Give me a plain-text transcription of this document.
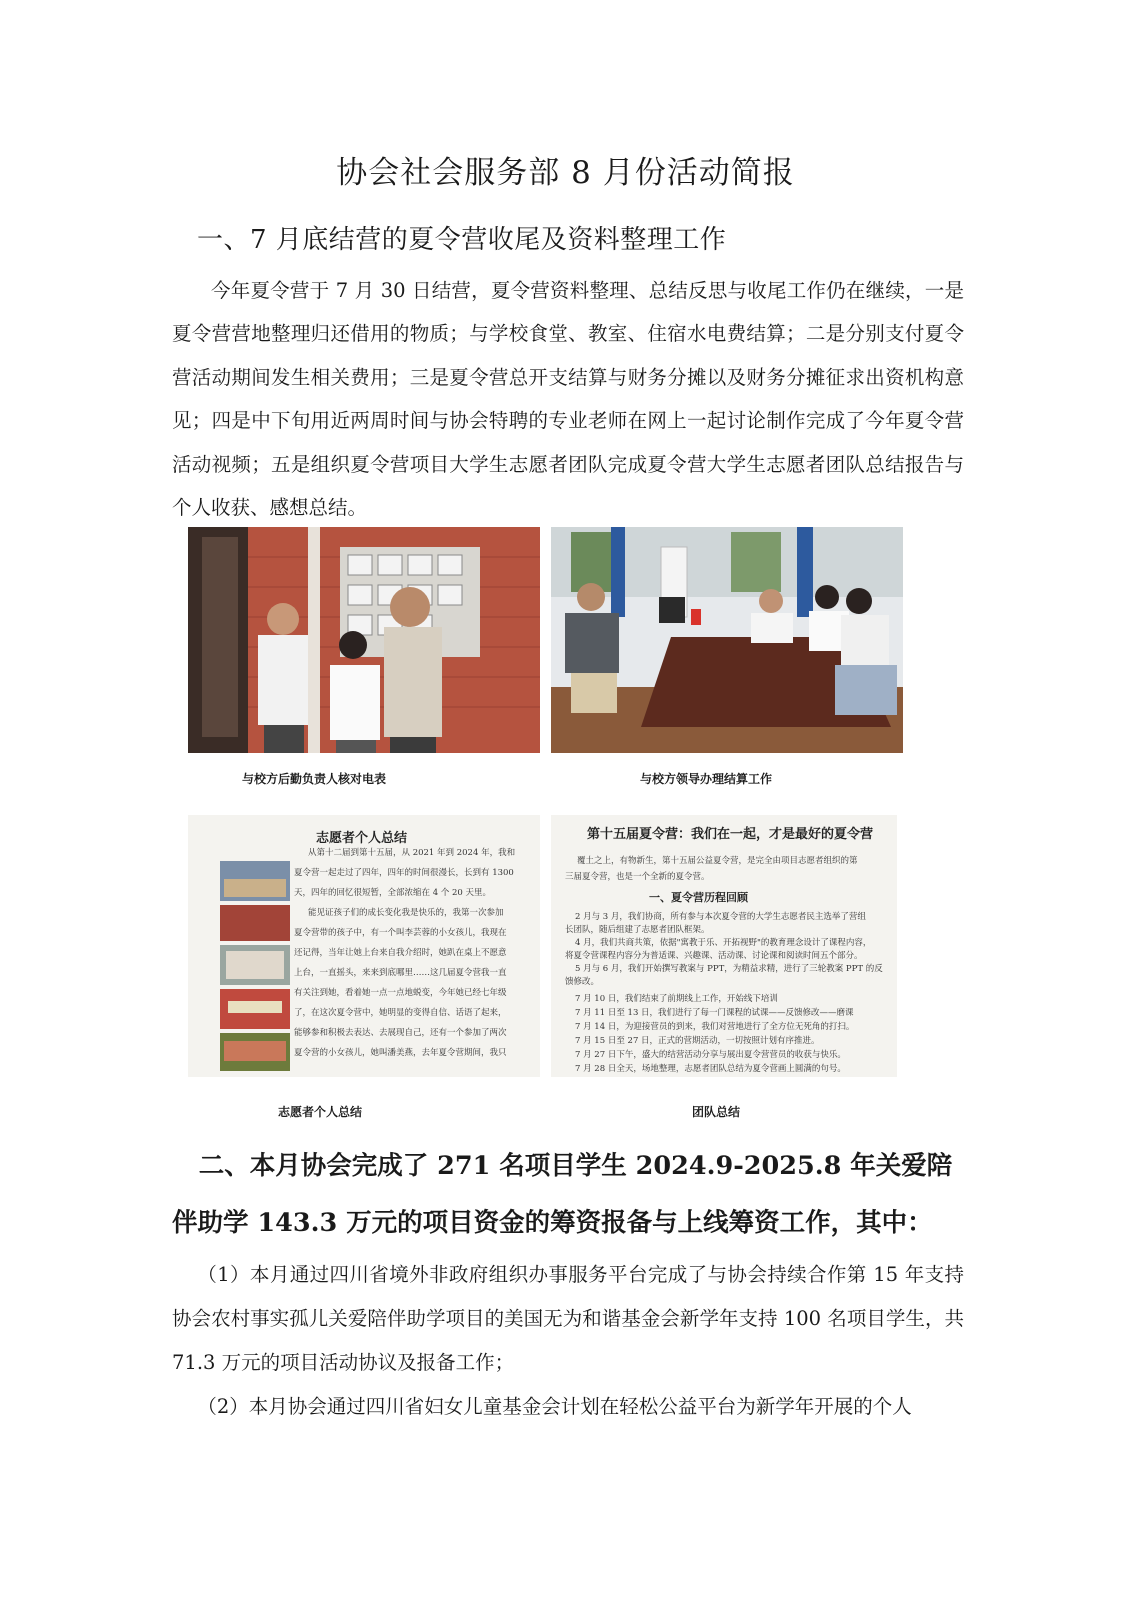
协会社会服务部 8 月份活动简报
一、7 月底结营的夏令营收尾及资料整理工作

今年夏令营于 7 月 30 日结营，夏令营资料整理、总结反思与收尾工作仍在继续，一是夏令营营地整理归还借用的物质；与学校食堂、教室、住宿水电费结算；二是分别支付夏令营活动期间发生相关费用；三是夏令营总开支结算与财务分摊以及财务分摊征求出资机构意见；四是中下旬用近两周时间与协会特聘的专业老师在网上一起讨论制作完成了今年夏令营活动视频；五是组织夏令营项目大学生志愿者团队完成夏令营大学生志愿者团队总结报告与个人收获、感想总结。

与校方后勤负责人核对电表	与校方领导办理结算工作

志愿者个人总结
从第十二届到第十五届，从 2021 年到 2024 年，我和
夏令营一起走过了四年，四年的时间很漫长，长到有 1300
天，四年的回忆很短暂，全部浓缩在 4 个 20 天里。
能见证孩子们的成长变化我是快乐的，我第一次参加
夏令营带的孩子中，有一个叫李芸蓉的小女孩儿，我现在
还记得，当年让她上台来自我介绍时，她趴在桌上不愿意
上台，一直摇头，来来到底哪里……这几届夏令营我一直
有关注到她，看着她一点一点地蜕变，今年她已经七年级
了，在这次夏令营中，她明显的变得自信、话语了起来，
能够参和积极去表达、去展现自己，还有一个参加了两次
夏令营的小女孩儿，她叫潘美燕，去年夏令营期间，我只
第十五届夏令营：我们在一起，才是最好的夏令营
覆土之上，有物新生，第十五届公益夏令营，是完全由项目志愿者组织的第
三届夏令营，也是一个全新的夏令营。
一、夏令营历程回顾
2 月与 3 月，我们协商，所有参与本次夏令营的大学生志愿者民主选举了营组
长团队，随后组建了志愿者团队框架。
4 月，我们共商共策，依据"寓教于乐、开拓视野"的教育理念设计了课程内容，
将夏令营课程内容分为普适课、兴趣课、活动课、讨论课和阅读时间五个部分。
5 月与 6 月，我们开始撰写教案与 PPT，为精益求精，进行了三轮教案 PPT 的反
馈修改。
7 月 10 日，我们结束了前期线上工作，开始线下培训
7 月 11 日至 13 日，我们进行了每一门课程的试课——反馈修改——磨课
7 月 14 日，为迎接营员的到来，我们对营地进行了全方位无死角的打扫。
7 月 15 日至 27 日，正式的营期活动，一切按照计划有序推进。
7 月 27 日下午，盛大的结营活动分享与展出夏令营营员的收获与快乐。
7 月 28 日全天，场地整理，志愿者团队总结为夏令营画上圆满的句号。

志愿者个人总结	团队总结

二、本月协会完成了 271 名项目学生 2024.9-2025.8 年关爱陪伴助学 143.3 万元的项目资金的筹资报备与上线筹资工作，其中：

（1）本月通过四川省境外非政府组织办事服务平台完成了与协会持续合作第 15 年支持协会农村事实孤儿关爱陪伴助学项目的美国无为和谐基金会新学年支持 100 名项目学生，共 71.3 万元的项目活动协议及报备工作；

（2）本月协会通过四川省妇女儿童基金会计划在轻松公益平台为新学年开展的个人
